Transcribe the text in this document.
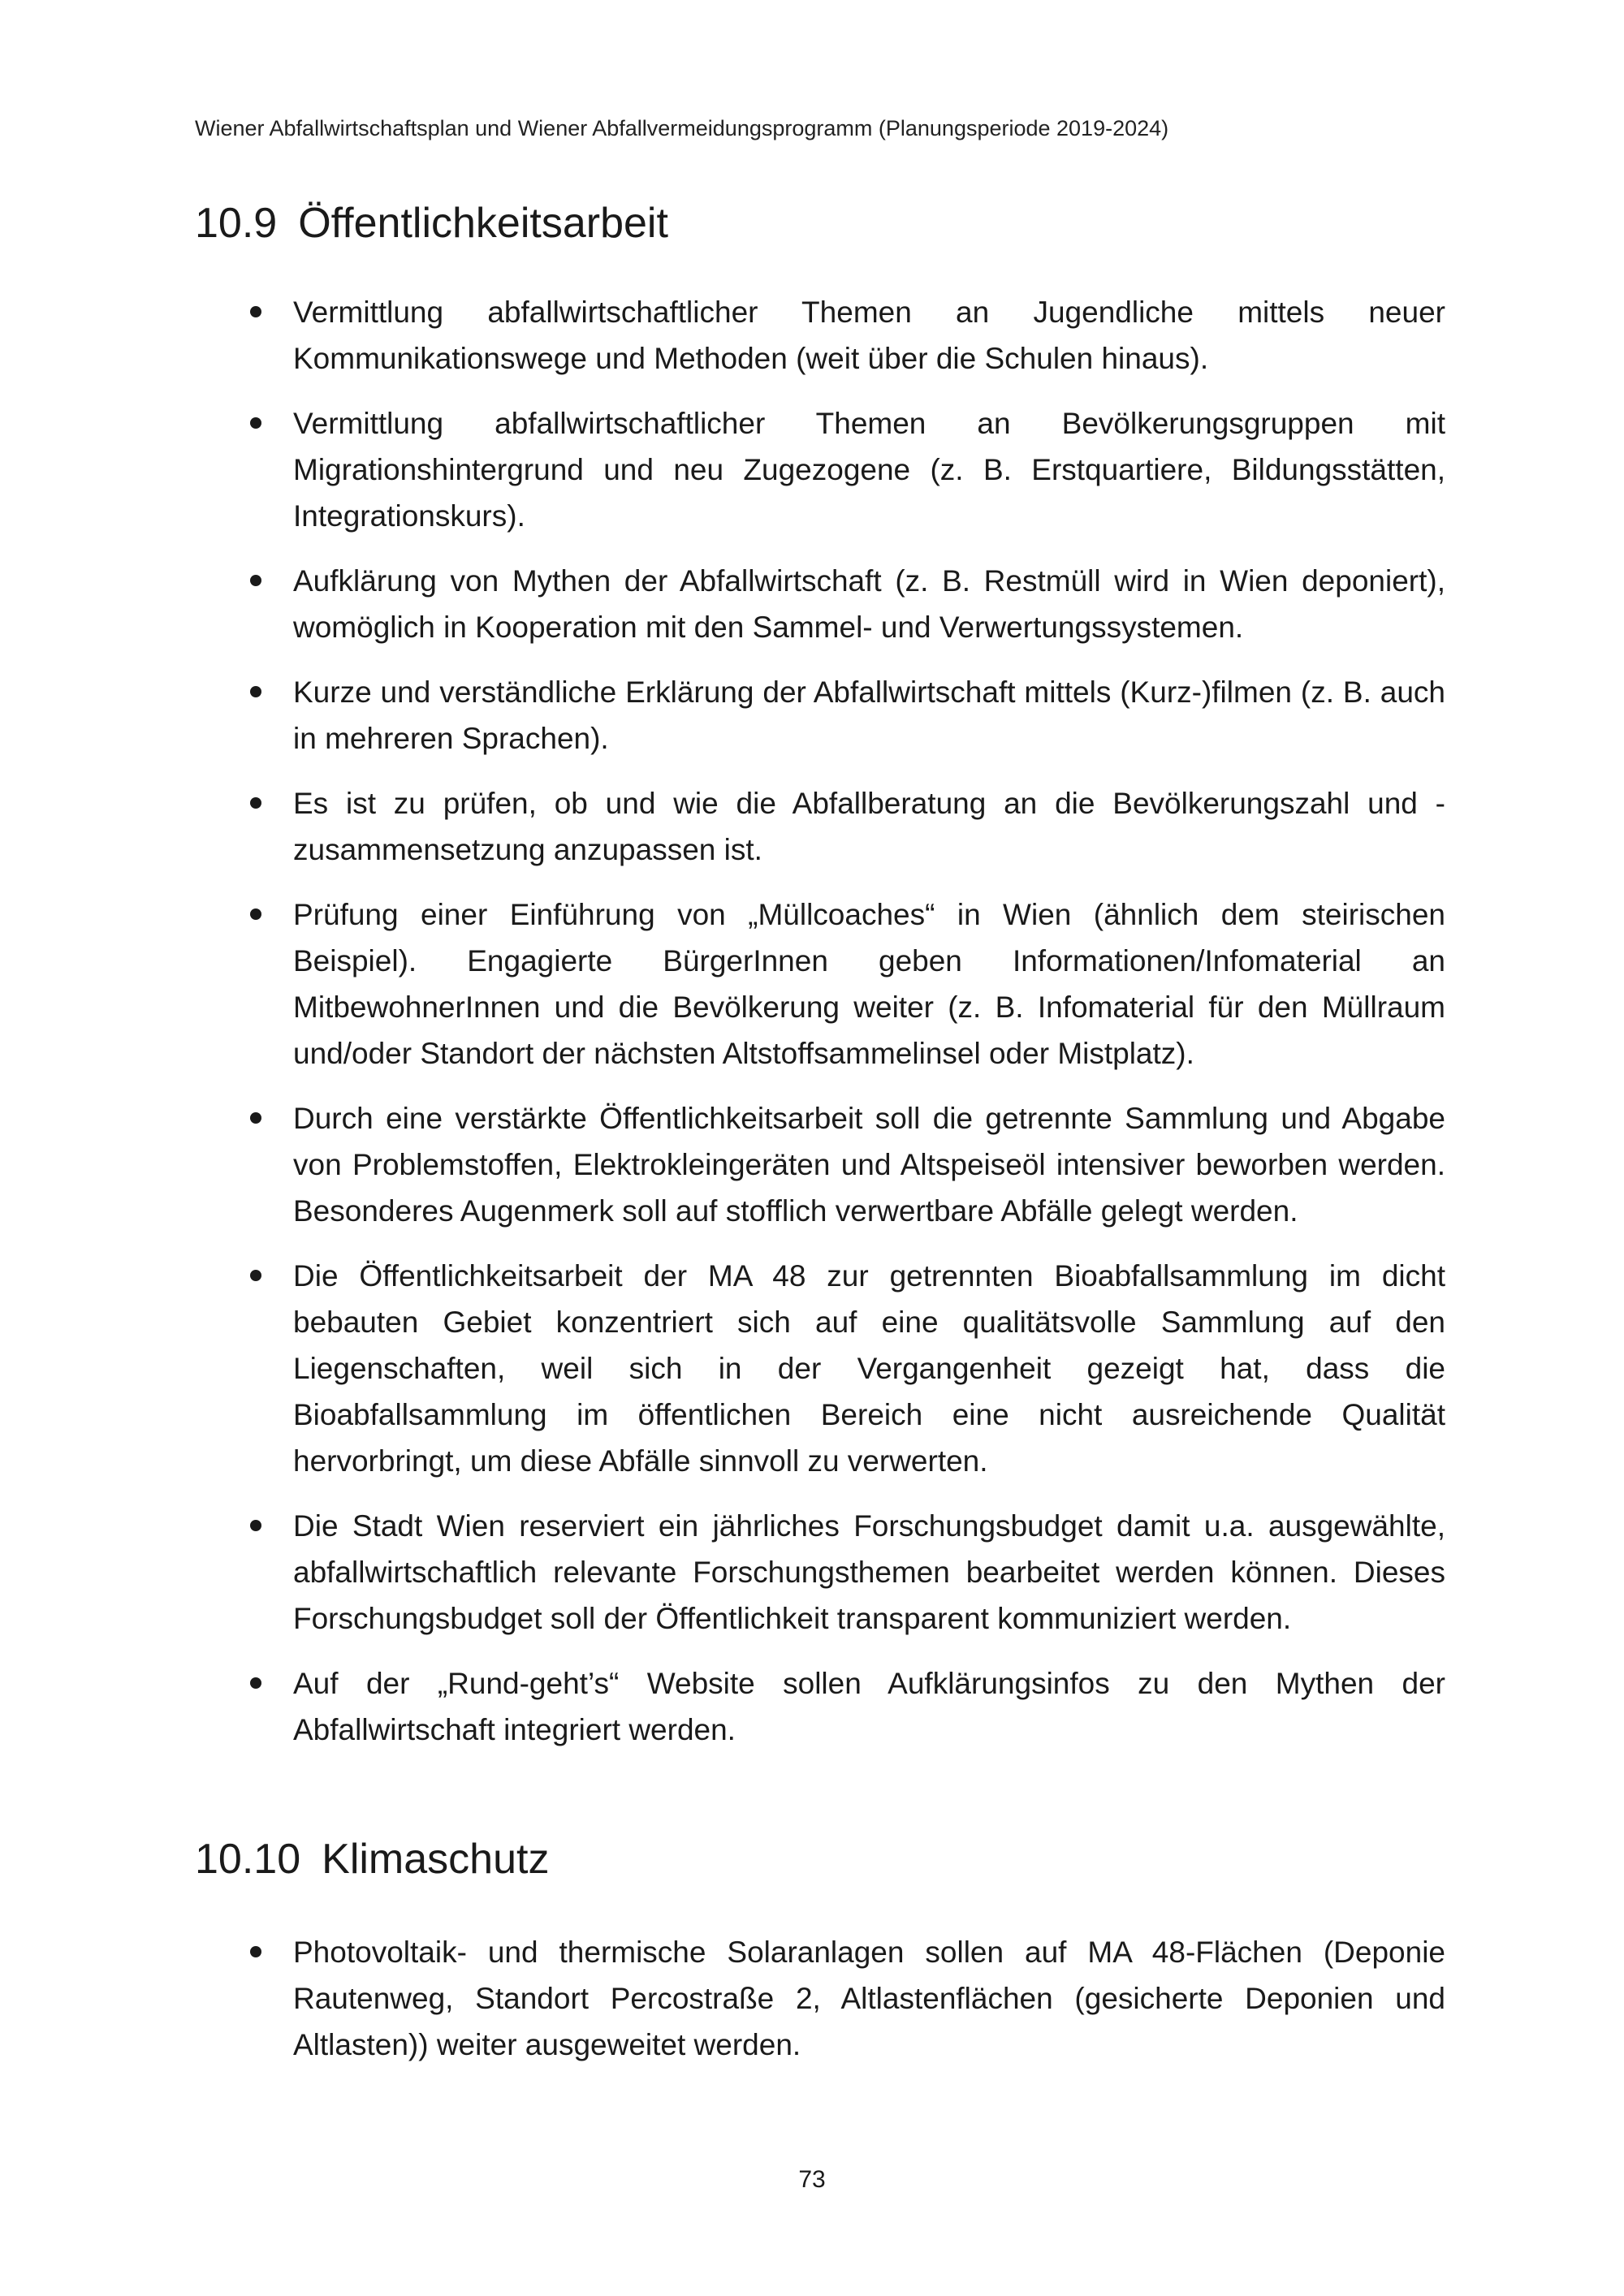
Wiener Abfallwirtschaftsplan und Wiener Abfallvermeidungsprogramm (Planungsperiode 2019-2024)
10.9 Öffentlichkeitsarbeit
Vermittlung abfallwirtschaftlicher Themen an Jugendliche mittels neuer Kommunikationswege und Methoden (weit über die Schulen hinaus).
Vermittlung abfallwirtschaftlicher Themen an Bevölkerungsgruppen mit Migrationshintergrund und neu Zugezogene (z. B. Erstquartiere, Bildungsstätten, Integrationskurs).
Aufklärung von Mythen der Abfallwirtschaft (z. B. Restmüll wird in Wien deponiert), womöglich in Kooperation mit den Sammel- und Verwertungssystemen.
Kurze und verständliche Erklärung der Abfallwirtschaft mittels (Kurz-)filmen (z. B. auch in mehreren Sprachen).
Es ist zu prüfen, ob und wie die Abfallberatung an die Bevölkerungszahl und -zusammensetzung anzupassen ist.
Prüfung einer Einführung von „Müllcoaches“ in Wien (ähnlich dem steirischen Beispiel). Engagierte BürgerInnen geben Informationen/Infomaterial an MitbewohnerInnen und die Bevölkerung weiter (z. B. Infomaterial für den Müllraum und/oder Standort der nächsten Altstoffsammelinsel oder Mistplatz).
Durch eine verstärkte Öffentlichkeitsarbeit soll die getrennte Sammlung und Abgabe von Problemstoffen, Elektrokleingeräten und Altspeiseöl intensiver beworben werden. Besonderes Augenmerk soll auf stofflich verwertbare Abfälle gelegt werden.
Die Öffentlichkeitsarbeit der MA 48 zur getrennten Bioabfallsammlung im dicht bebauten Gebiet konzentriert sich auf eine qualitätsvolle Sammlung auf den Liegenschaften, weil sich in der Vergangenheit gezeigt hat, dass die Bioabfallsammlung im öffentlichen Bereich eine nicht ausreichende Qualität hervorbringt, um diese Abfälle sinnvoll zu verwerten.
Die Stadt Wien reserviert ein jährliches Forschungsbudget damit u.a. ausgewählte, abfallwirtschaftlich relevante Forschungsthemen bearbeitet werden können. Dieses Forschungsbudget soll der Öffentlichkeit transparent kommuniziert werden.
Auf der „Rund-geht’s“ Website sollen Aufklärungsinfos zu den Mythen der Abfallwirtschaft integriert werden.
10.10 Klimaschutz
Photovoltaik- und thermische Solaranlagen sollen auf MA 48-Flächen (Deponie Rautenweg, Standort Percostraße 2, Altlastenflächen (gesicherte Deponien und Altlasten)) weiter ausgeweitet werden.
73
